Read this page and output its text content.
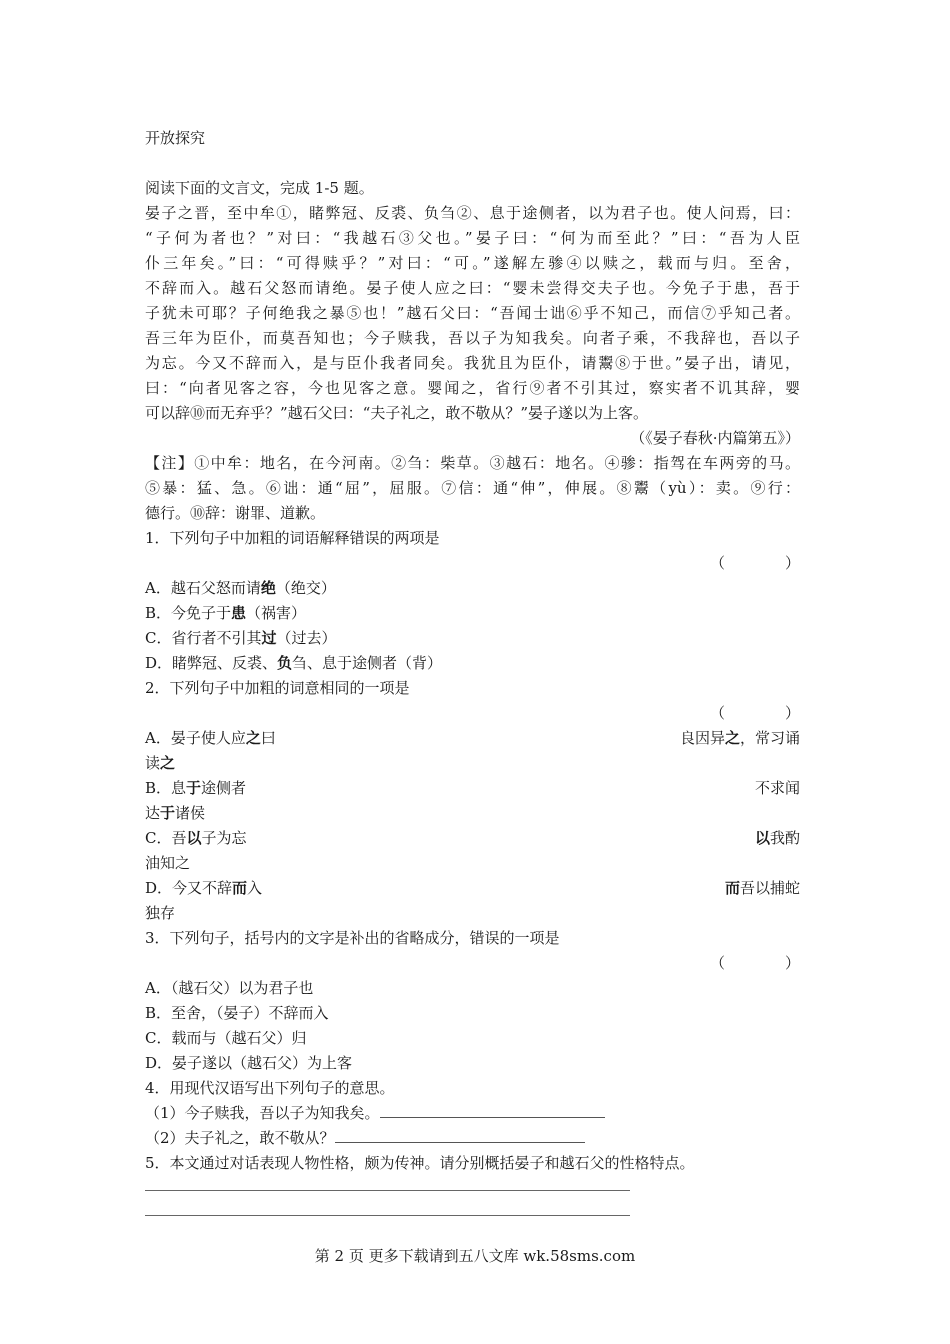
开放探究
阅读下面的文言文，完成 1-5 题。
晏子之晋，至中牟①，睹弊冠、反裘、负刍②、息于途侧者，以为君子也。使人问焉，曰：
“子何为者也？”对曰：“我越石③父也。”晏子曰：“何为而至此？”曰：“吾为人臣
仆三年矣。”曰：“可得赎乎？”对曰：“可。”遂解左骖④以赎之，载而与归。至舍，
不辞而入。越石父怒而请绝。晏子使人应之曰：“婴未尝得交夫子也。今免子于患，吾于
子犹未可耶？子何绝我之暴⑤也！”越石父曰：“吾闻士诎⑥乎不知己，而信⑦乎知己者。
吾三年为臣仆，而莫吾知也；今子赎我，吾以子为知我矣。向者子乘，不我辞也，吾以子
为忘。今又不辞而入，是与臣仆我者同矣。我犹且为臣仆，请鬻⑧于世。”晏子出，请见，
曰：“向者见客之容，今也见客之意。婴闻之，省行⑨者不引其过，察实者不讥其辞，婴
可以辞⑩而无弃乎？”越石父曰：“夫子礼之，敢不敬从？”晏子遂以为上客。
（《晏子春秋·内篇第五》）
【注】①中牟：地名，在今河南。②刍：柴草。③越石：地名。④骖：指驾在车两旁的马。
⑤暴：猛、急。⑥诎：通“屈”，屈服。⑦信：通“伸”，伸展。⑧鬻（yù）：卖。⑨行：
德行。⑩辞：谢罪、道歉。
1．下列句子中加粗的词语解释错误的两项是
（　　　　）
A．越石父怒而请绝（绝交）
B．今免子于患（祸害）
C．省行者不引其过（过去）
D．睹弊冠、反裘、负刍、息于途侧者（背）
2．下列句子中加粗的词意相同的一项是
（　　　　）
A．晏子使人应之曰	良因异之，常习诵
读之
B．息于途侧者	不求闻
达于诸侯
C．吾以子为忘	以我酌
油知之
D．今又不辞而入	而吾以捕蛇
独存
3．下列句子，括号内的文字是补出的省略成分，错误的一项是
（　　　　）
A．（越石父）以为君子也
B．至舍，（晏子）不辞而入
C．载而与（越石父）归
D．晏子遂以（越石父）为上客
4．用现代汉语写出下列句子的意思。
（1）今子赎我，吾以子为知我矣。
（2）夫子礼之，敢不敬从？
5．本文通过对话表现人物性格，颇为传神。请分别概括晏子和越石父的性格特点。
第 2 页 更多下载请到五八文库 wk.58sms.com
